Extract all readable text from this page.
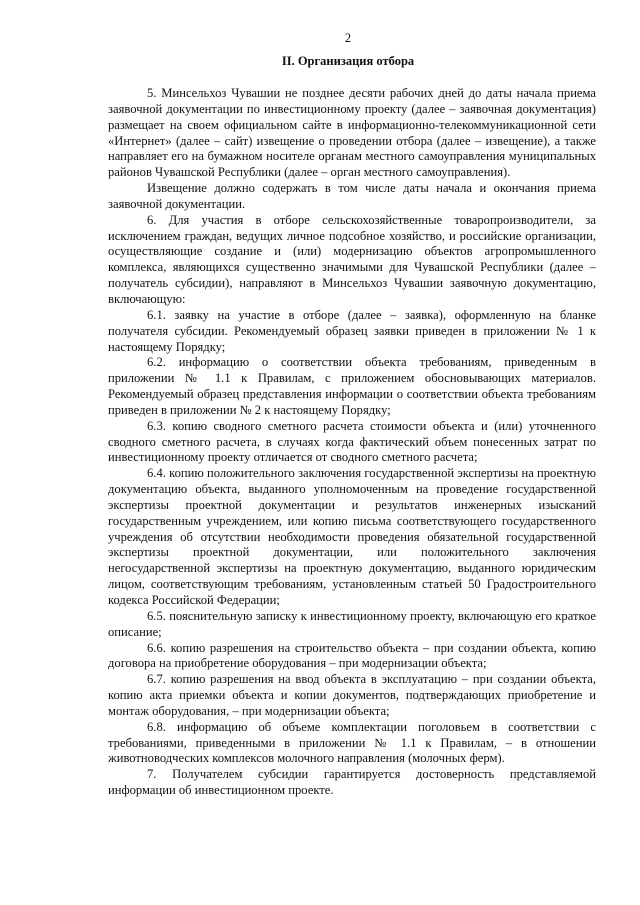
2
II. Организация отбора

5. Минсельхоз Чувашии не позднее десяти рабочих дней до даты начала приема заявочной документации по инвестиционному проекту (далее – заявочная документация) размещает на своем официальном сайте в информационно-телекоммуникационной сети «Интернет» (далее – сайт) извещение о проведении отбора (далее – извещение), а также направляет его на бумажном носителе органам местного самоуправления муниципальных районов Чувашской Республики (далее – орган местного самоуправления).

Извещение должно содержать в том числе даты начала и окончания приема заявочной документации.

6. Для участия в отборе сельскохозяйственные товаропроизводители, за исключением граждан, ведущих личное подсобное хозяйство, и российские организации, осуществляющие создание и (или) модернизацию объектов агропромышленного комплекса, являющихся существенно значимыми для Чувашской Республики (далее – получатель субсидии), направляют в Минсельхоз Чувашии заявочную документацию, включающую:

6.1. заявку на участие в отборе (далее – заявка), оформленную на бланке получателя субсидии. Рекомендуемый образец заявки приведен в приложении № 1 к настоящему Порядку;

6.2. информацию о соответствии объекта требованиям, приведенным в приложении № 1.1 к Правилам, с приложением обосновывающих материалов. Рекомендуемый образец представления информации о соответствии объекта требованиям приведен в приложении № 2 к настоящему Порядку;

6.3. копию сводного сметного расчета стоимости объекта и (или) уточненного сводного сметного расчета, в случаях когда фактический объем понесенных затрат по инвестиционному проекту отличается от сводного сметного расчета;

6.4. копию положительного заключения государственной экспертизы на проектную документацию объекта, выданного уполномоченным на проведение государственной экспертизы проектной документации и результатов инженерных изысканий государственным учреждением, или копию письма соответствующего государственного учреждения об отсутствии необходимости проведения обязательной государственной экспертизы проектной документации, или положительного заключения негосударственной экспертизы на проектную документацию, выданного юридическим лицом, соответствующим требованиям, установленным статьей 50 Градостроительного кодекса Российской Федерации;

6.5. пояснительную записку к инвестиционному проекту, включающую его краткое описание;

6.6. копию разрешения на строительство объекта – при создании объекта, копию договора на приобретение оборудования – при модернизации объекта;

6.7. копию разрешения на ввод объекта в эксплуатацию – при создании объекта, копию акта приемки объекта и копии документов, подтверждающих приобретение и монтаж оборудования, – при модернизации объекта;

6.8. информацию об объеме комплектации поголовьем в соответствии с требованиями, приведенными в приложении № 1.1 к Правилам, – в отношении животноводческих комплексов молочного направления (молочных ферм).

7. Получателем субсидии гарантируется достоверность представляемой информации об инвестиционном проекте.
